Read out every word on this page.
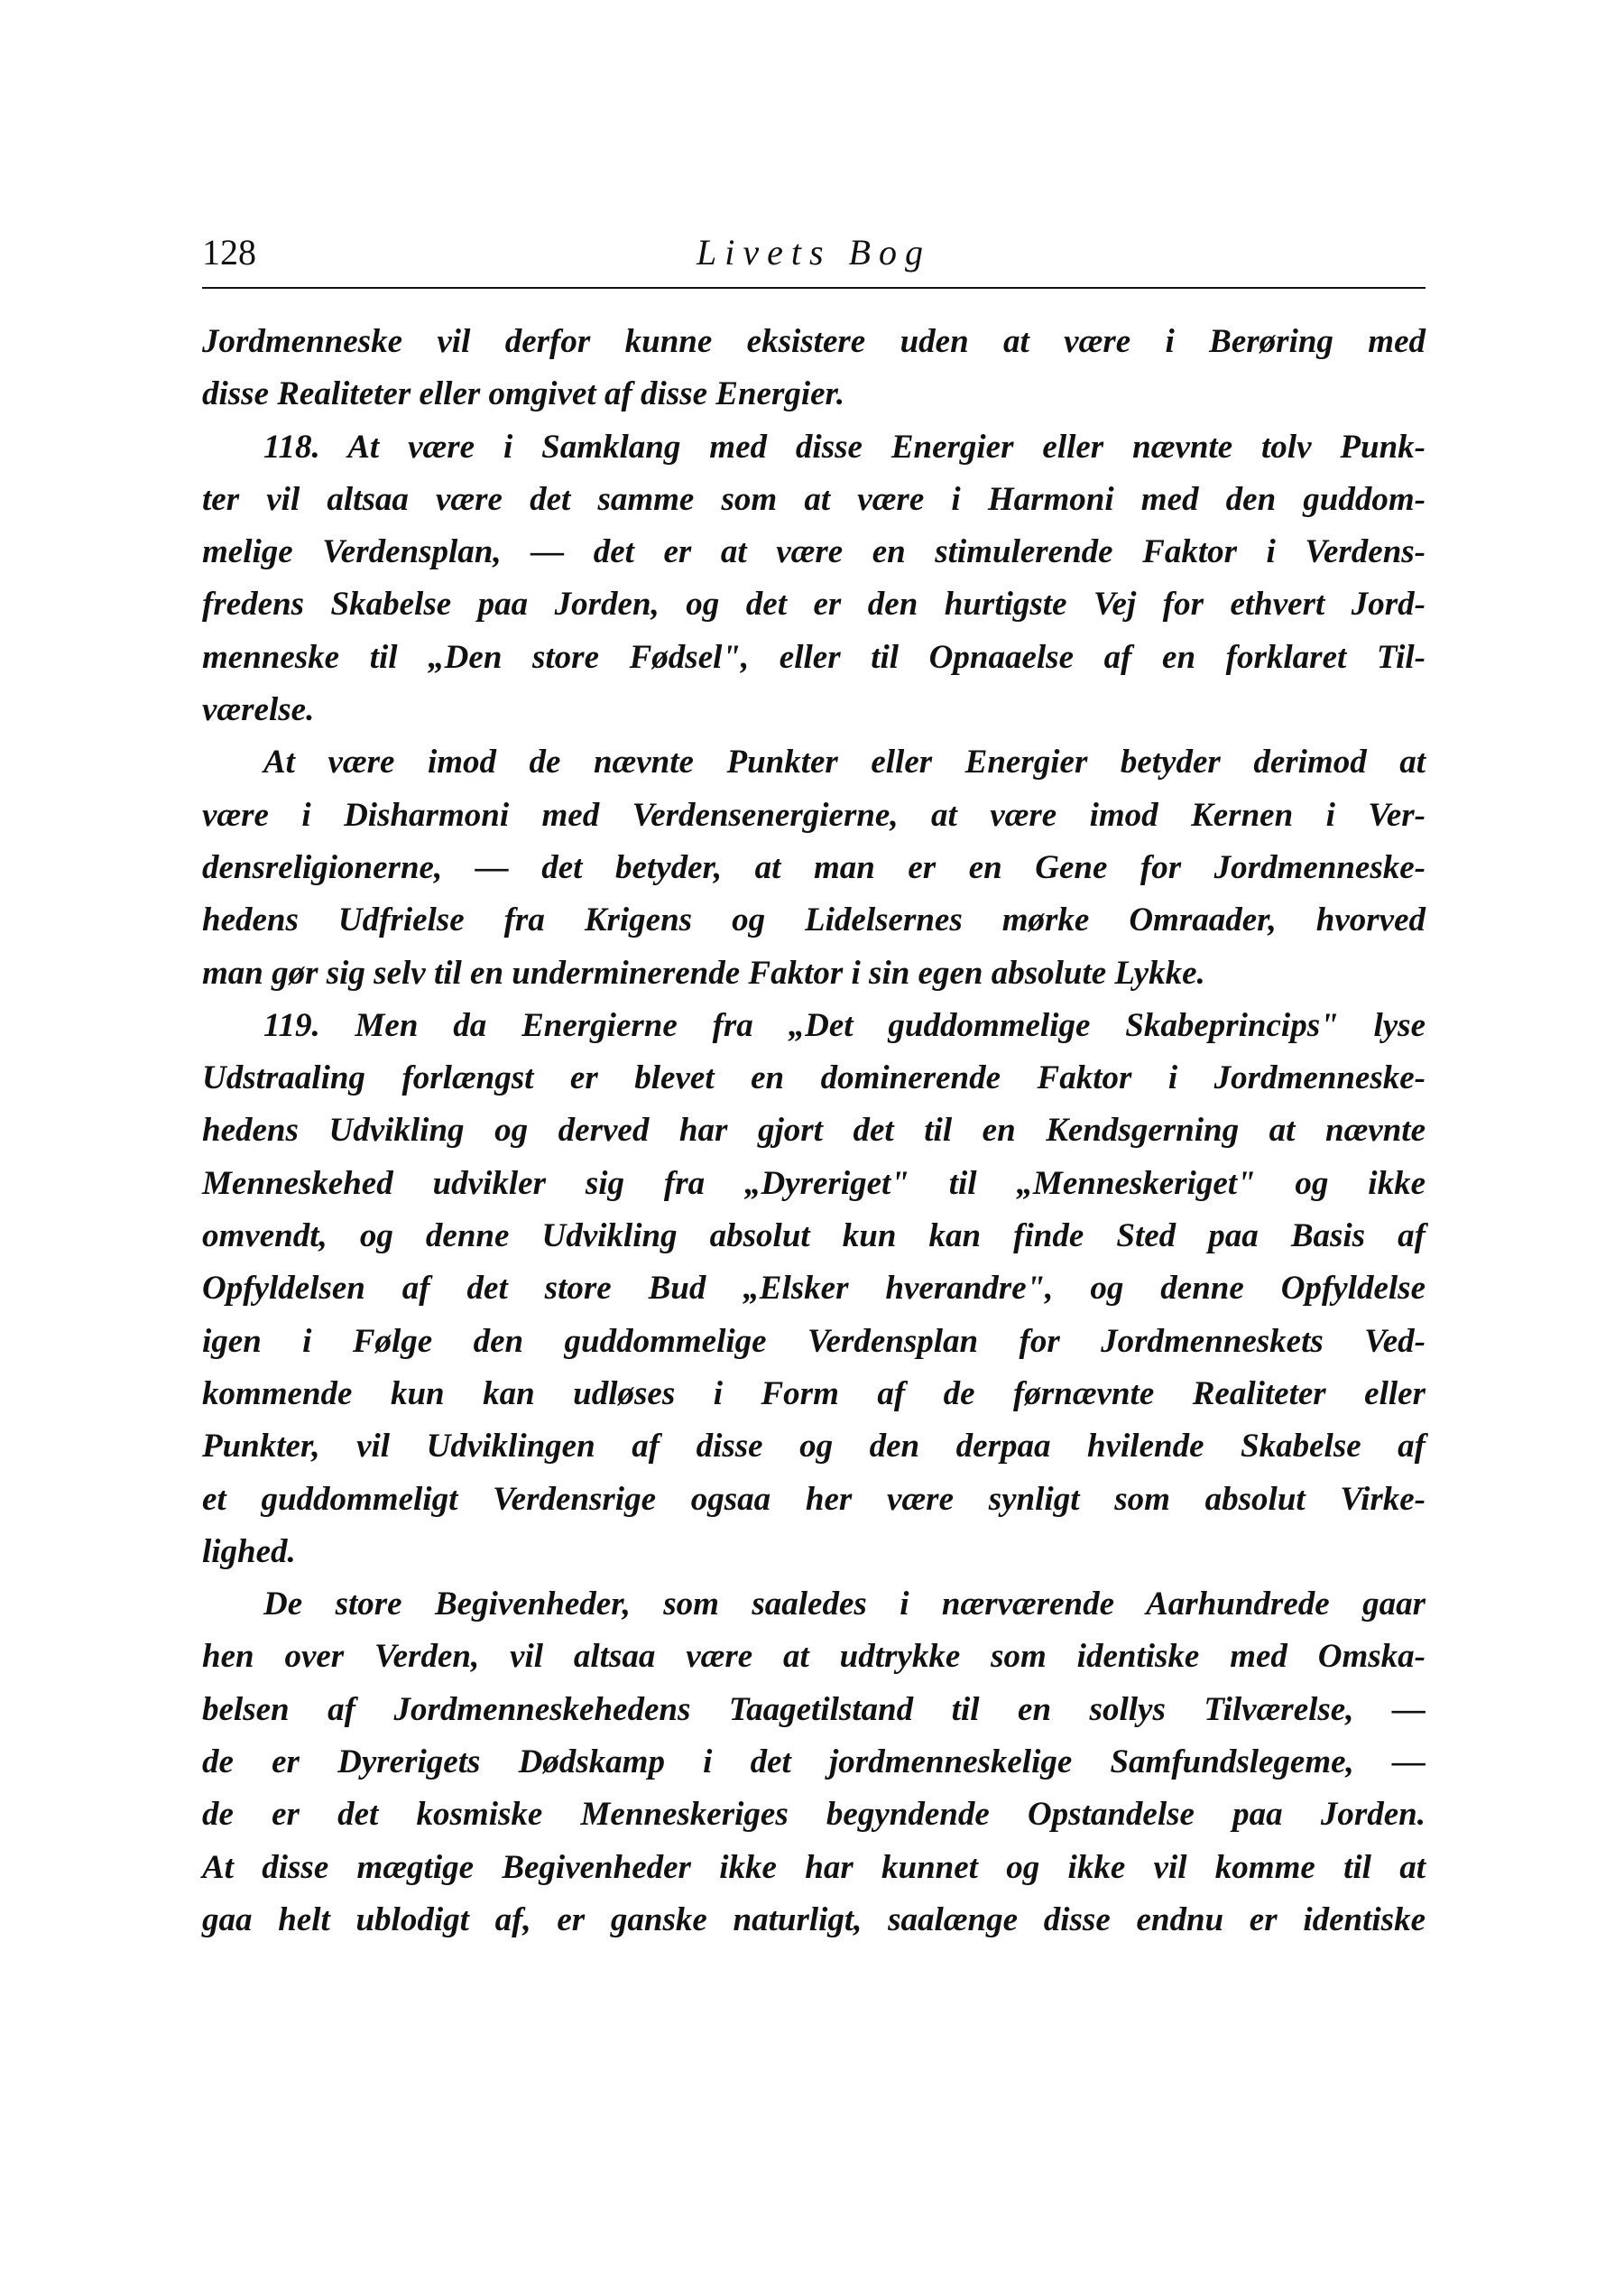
128	Livets Bog
Jordmenneske vil derfor kunne eksistere uden at være i Berøring med
disse Realiteter eller omgivet af disse Energier.
118. At være i Samklang med disse Energier eller nævnte tolv Punk-
ter vil altsaa være det samme som at være i Harmoni med den guddom-
melige Verdensplan, — det er at være en stimulerende Faktor i Verdens-
fredens Skabelse paa Jorden, og det er den hurtigste Vej for ethvert Jord-
menneske til „Den store Fødsel", eller til Opnaaelse af en forklaret Til-
værelse.
At være imod de nævnte Punkter eller Energier betyder derimod at
være i Disharmoni med Verdensenergierne, at være imod Kernen i Ver-
densreligionerne, — det betyder, at man er en Gene for Jordmenneske-
hedens Udfrielse fra Krigens og Lidelsernes mørke Omraader, hvorved
man gør sig selv til en underminerende Faktor i sin egen absolute Lykke.
119. Men da Energierne fra „Det guddommelige Skabeprincips" lyse
Udstraaling forlængst er blevet en dominerende Faktor i Jordmenneske-
hedens Udvikling og derved har gjort det til en Kendsgerning at nævnte
Menneskehed udvikler sig fra „Dyreriget" til „Menneskeriget" og ikke
omvendt, og denne Udvikling absolut kun kan finde Sted paa Basis af
Opfyldelsen af det store Bud „Elsker hverandre", og denne Opfyldelse
igen i Følge den guddommelige Verdensplan for Jordmenneskets Ved-
kommende kun kan udløses i Form af de førnævnte Realiteter eller
Punkter, vil Udviklingen af disse og den derpaa hvilende Skabelse af
et guddommeligt Verdensrige ogsaa her være synligt som absolut Virke-
lighed.
De store Begivenheder, som saaledes i nærværende Aarhundrede gaar
hen over Verden, vil altsaa være at udtrykke som identiske med Omska-
belsen af Jordmenneskehedens Taagetilstand til en sollys Tilværelse, —
de er Dyrerigets Dødskamp i det jordmenneskelige Samfundslegeme, —
de er det kosmiske Menneskeriges begyndende Opstandelse paa Jorden.
At disse mægtige Begivenheder ikke har kunnet og ikke vil komme til at
gaa helt ublodigt af, er ganske naturligt, saalænge disse endnu er identiske
